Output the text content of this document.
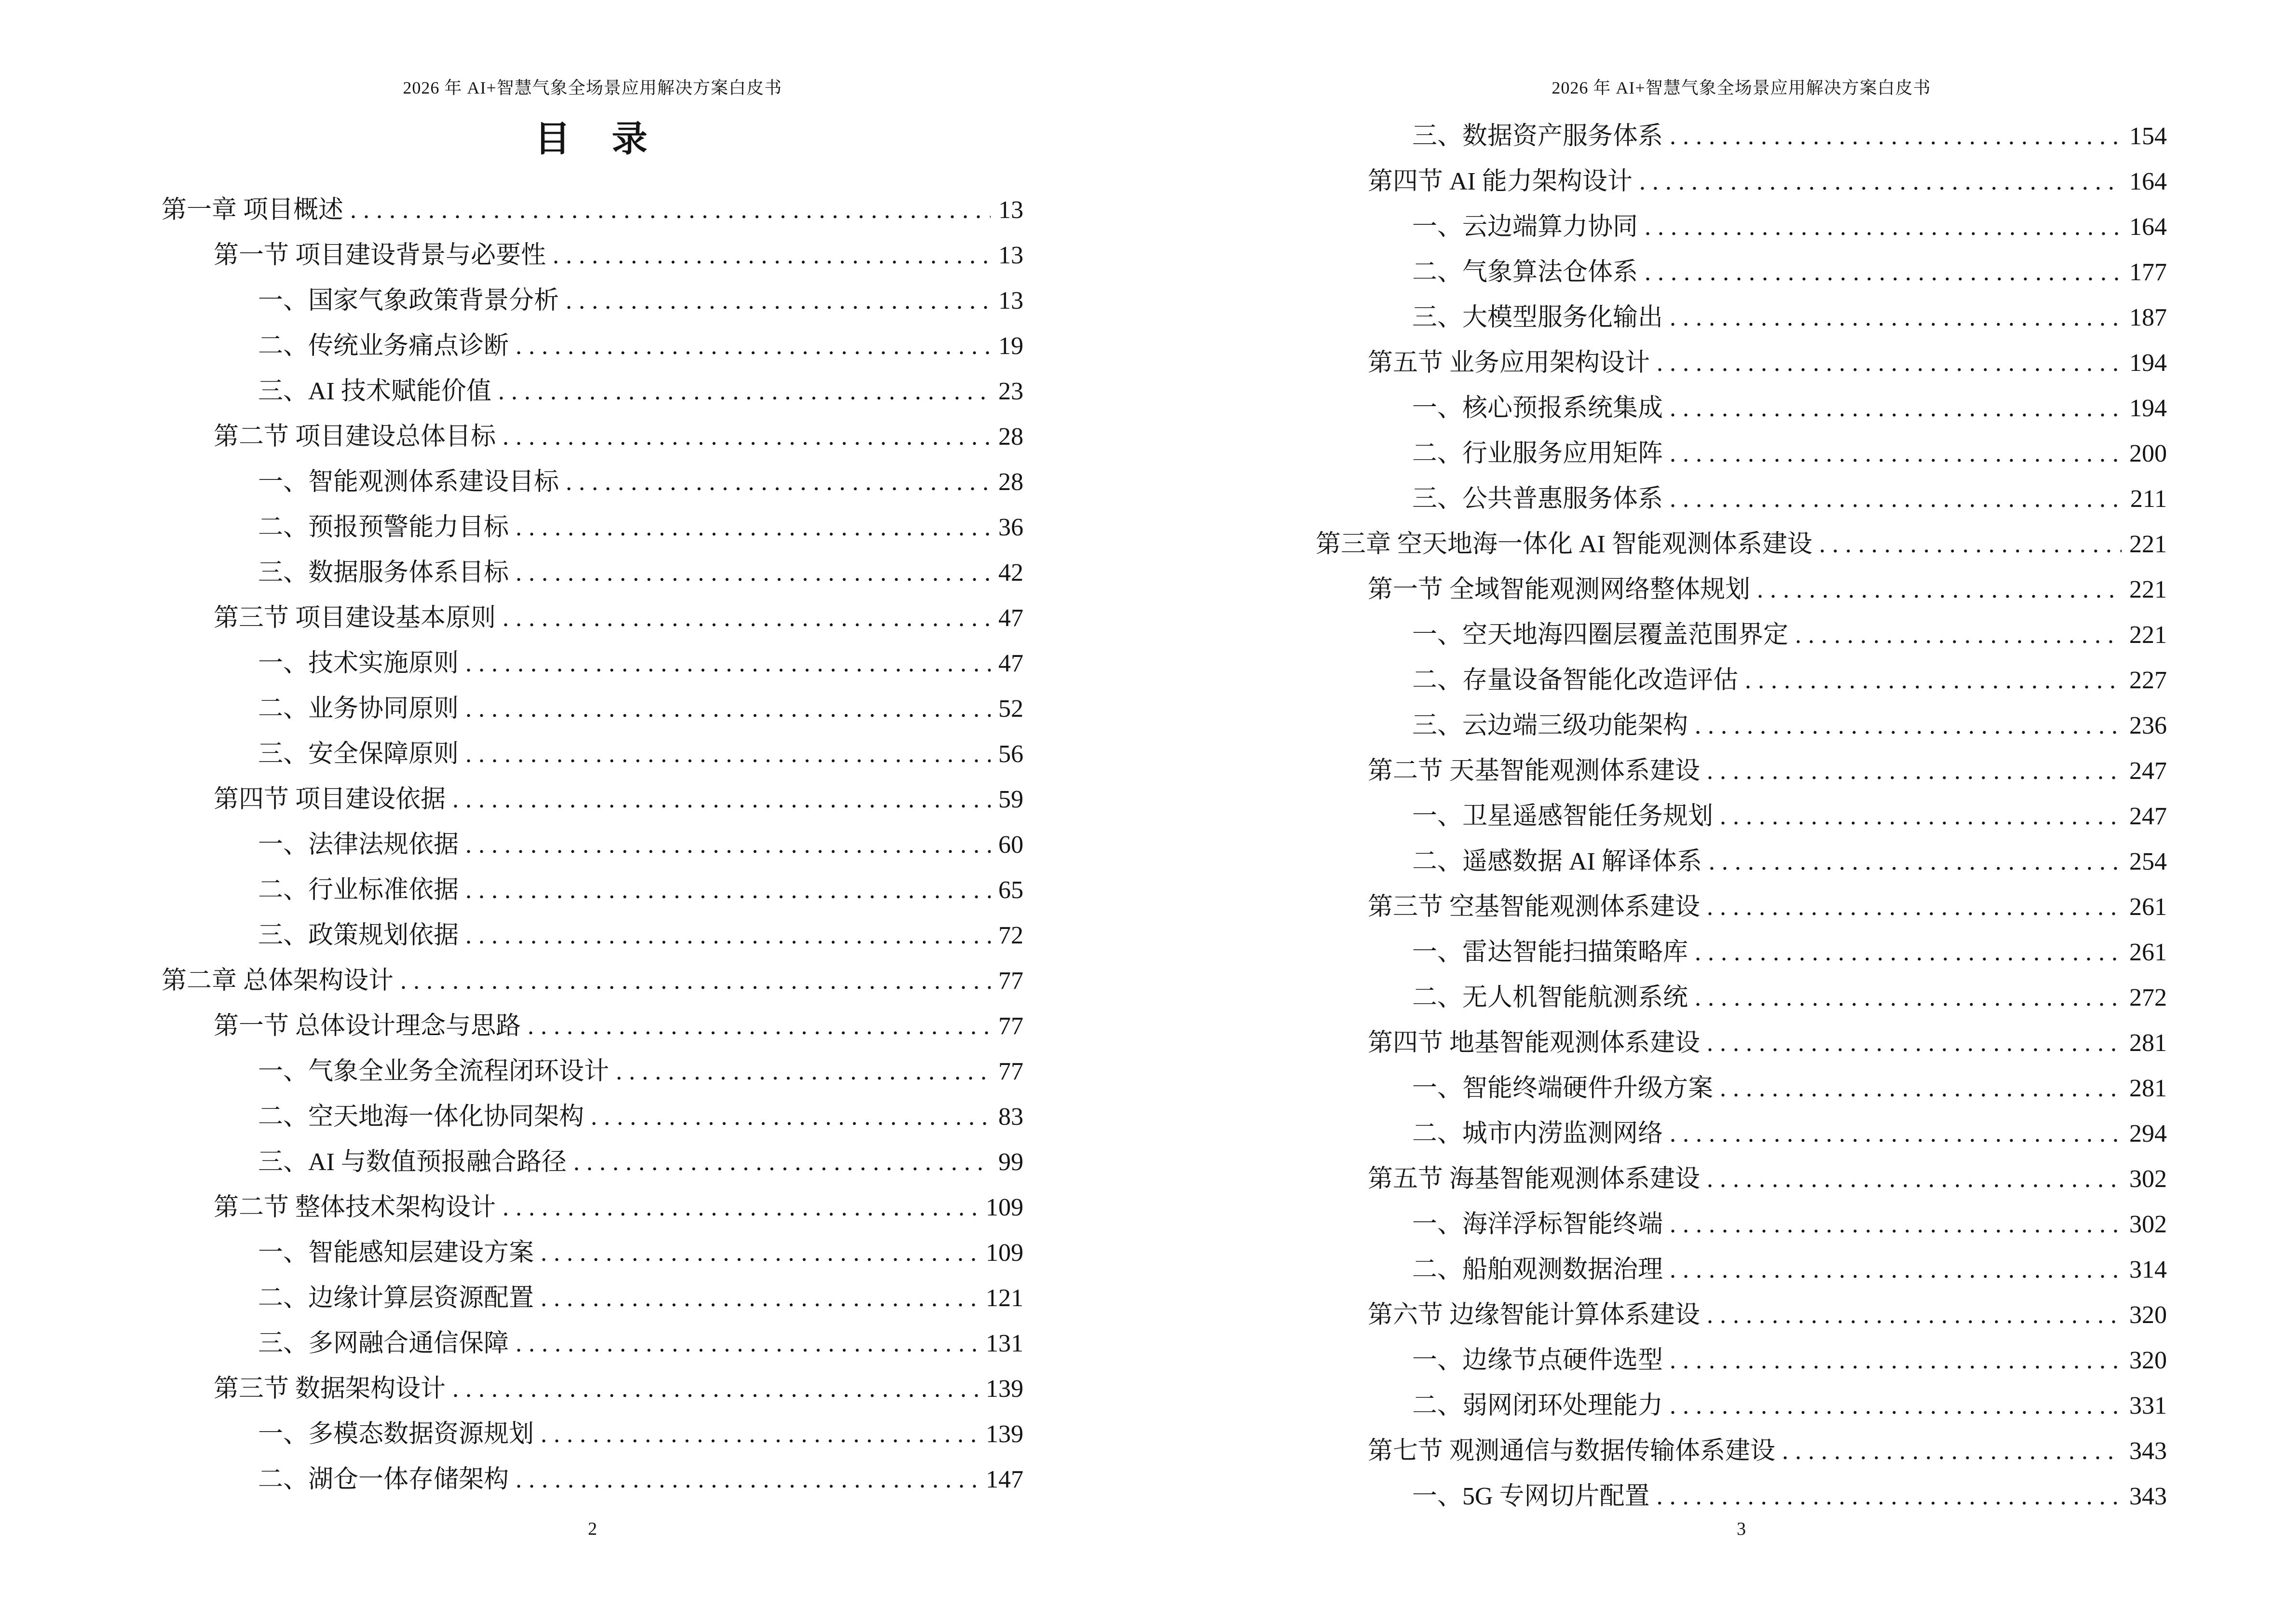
2026 年 AI+智慧气象全场景应用解决方案白皮书
目　录
第一章 项目概述 .....	13
第一节 项目建设背景与必要性 .....	13
一、国家气象政策背景分析 .....	13
二、传统业务痛点诊断 .....	19
三、AI 技术赋能价值 .....	23
第二节 项目建设总体目标 .....	28
一、智能观测体系建设目标 .....	28
二、预报预警能力目标 .....	36
三、数据服务体系目标 .....	42
第三节 项目建设基本原则 .....	47
一、技术实施原则 .....	47
二、业务协同原则 .....	52
三、安全保障原则 .....	56
第四节 项目建设依据 .....	59
一、法律法规依据 .....	60
二、行业标准依据 .....	65
三、政策规划依据 .....	72
第二章 总体架构设计 .....	77
第一节 总体设计理念与思路 .....	77
一、气象全业务全流程闭环设计 .....	77
二、空天地海一体化协同架构 .....	83
三、AI 与数值预报融合路径 .....	99
第二节 整体技术架构设计 .....	109
一、智能感知层建设方案 .....	109
二、边缘计算层资源配置 .....	121
三、多网融合通信保障 .....	131
第三节 数据架构设计 .....	139
一、多模态数据资源规划 .....	139
二、湖仓一体存储架构 .....	147
2
2026 年 AI+智慧气象全场景应用解决方案白皮书
三、数据资产服务体系 .....	154
第四节 AI 能力架构设计 .....	164
一、云边端算力协同 .....	164
二、气象算法仓体系 .....	177
三、大模型服务化输出 .....	187
第五节 业务应用架构设计 .....	194
一、核心预报系统集成 .....	194
二、行业服务应用矩阵 .....	200
三、公共普惠服务体系 .....	211
第三章 空天地海一体化 AI 智能观测体系建设 .....	221
第一节 全域智能观测网络整体规划 .....	221
一、空天地海四圈层覆盖范围界定 .....	221
二、存量设备智能化改造评估 .....	227
三、云边端三级功能架构 .....	236
第二节 天基智能观测体系建设 .....	247
一、卫星遥感智能任务规划 .....	247
二、遥感数据 AI 解译体系 .....	254
第三节 空基智能观测体系建设 .....	261
一、雷达智能扫描策略库 .....	261
二、无人机智能航测系统 .....	272
第四节 地基智能观测体系建设 .....	281
一、智能终端硬件升级方案 .....	281
二、城市内涝监测网络 .....	294
第五节 海基智能观测体系建设 .....	302
一、海洋浮标智能终端 .....	302
二、船舶观测数据治理 .....	314
第六节 边缘智能计算体系建设 .....	320
一、边缘节点硬件选型 .....	320
二、弱网闭环处理能力 .....	331
第七节 观测通信与数据传输体系建设 .....	343
一、5G 专网切片配置 .....	343
3
